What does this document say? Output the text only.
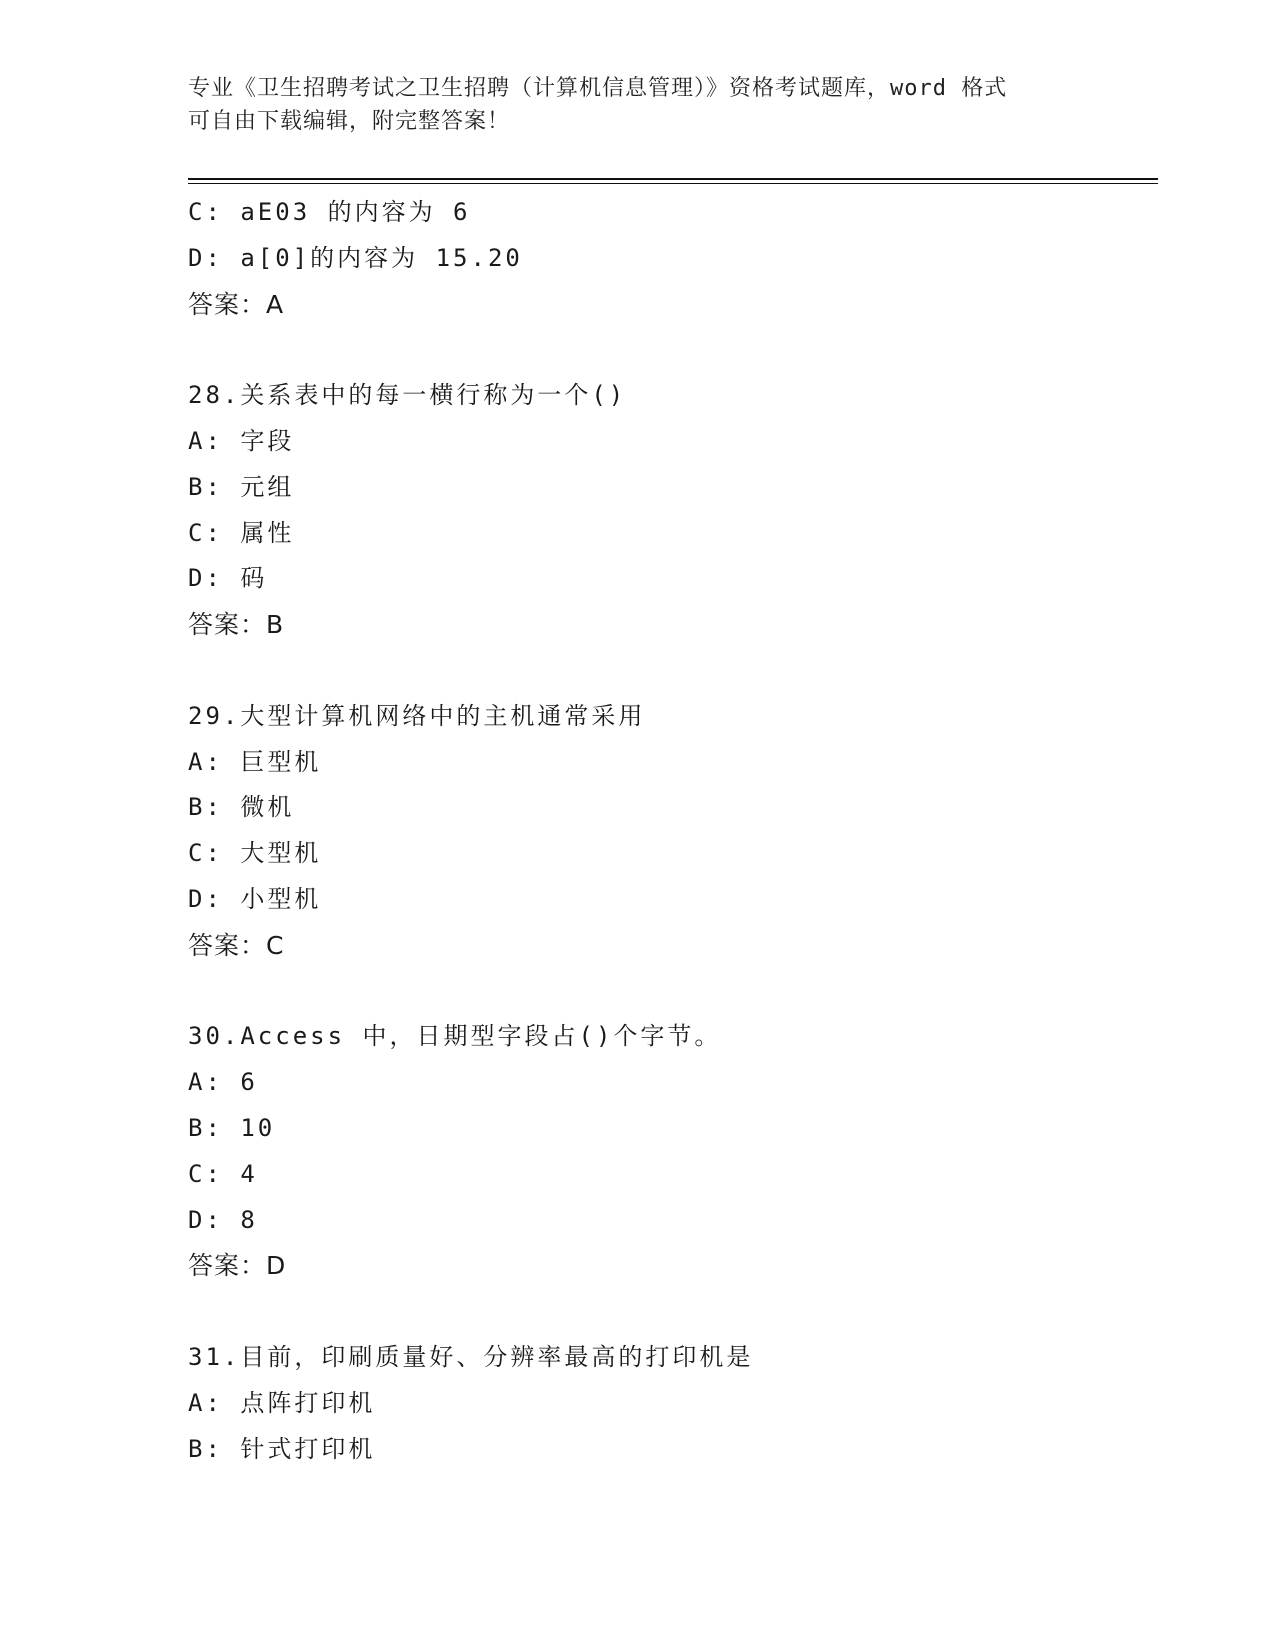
专业《卫生招聘考试之卫生招聘（计算机信息管理）》资格考试题库，word 格式
可自由下载编辑，附完整答案！
C: aE03 的内容为 6
D: a[0]的内容为 15.20
答案：A
28.关系表中的每一横行称为一个()
A: 字段
B: 元组
C: 属性
D: 码
答案：B
29.大型计算机网络中的主机通常采用
A: 巨型机
B: 微机
C: 大型机
D: 小型机
答案：C
30.Access 中，日期型字段占()个字节。
A: 6
B: 10
C: 4
D: 8
答案：D
31.目前，印刷质量好、分辨率最高的打印机是
A: 点阵打印机
B: 针式打印机
